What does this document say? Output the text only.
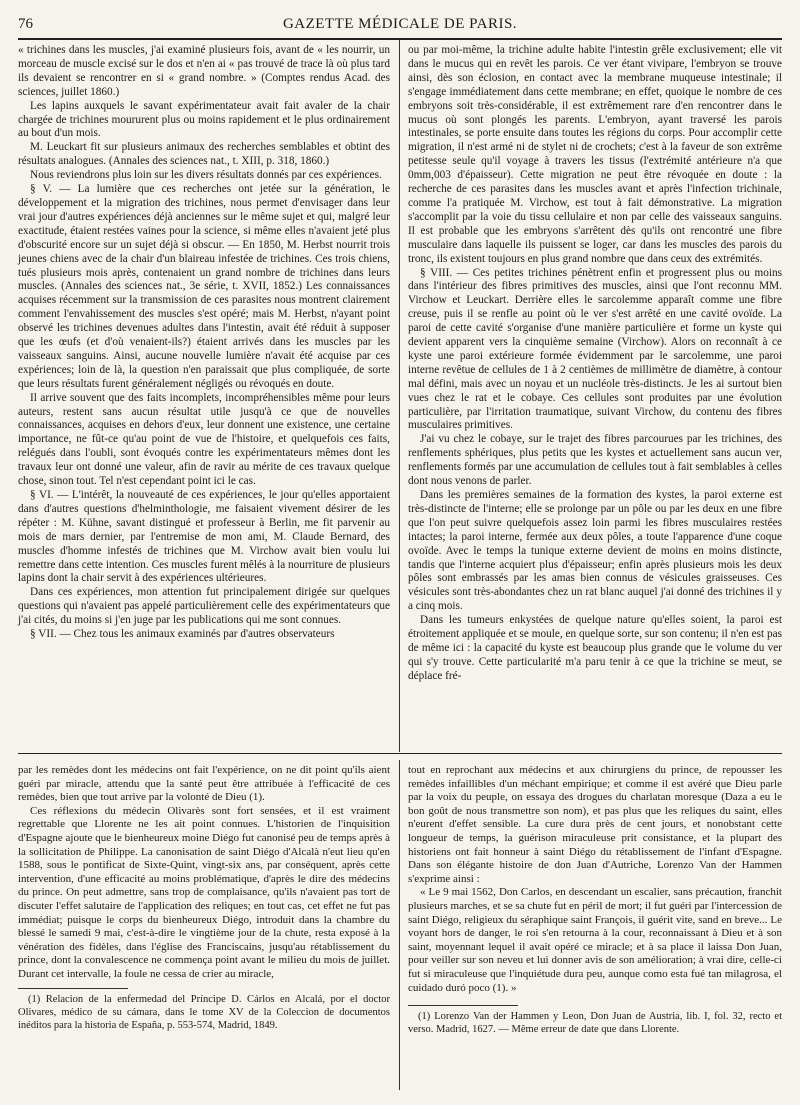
76	GAZETTE MÉDICALE DE PARIS.

« trichines dans les muscles, j'ai examiné plusieurs fois, avant de « les nourrir, un morceau de muscle excisé sur le dos et n'en ai « pas trouvé de trace là où plus tard ils devaient se rencontrer en si « grand nombre. » (Comptes rendus Acad. des sciences, juillet 1860.)

Les lapins auxquels le savant expérimentateur avait fait avaler de la chair chargée de trichines moururent plus ou moins rapidement et le plus ordinairement au bout d'un mois.

M. Leuckart fit sur plusieurs animaux des recherches semblables et obtint des résultats analogues. (Annales des sciences nat., t. XIII, p. 318, 1860.)

Nous reviendrons plus loin sur les divers résultats donnés par ces expériences.

§ V. — La lumière que ces recherches ont jetée sur la génération, le développement et la migration des trichines, nous permet d'envisager dans leur vrai jour d'autres expériences déjà anciennes sur le même sujet et qui, malgré leur exactitude, étaient restées vaines pour la science, si même elles n'avaient jeté plus d'obscurité encore sur un sujet déjà si obscur. — En 1850, M. Herbst nourrit trois jeunes chiens avec de la chair d'un blaireau infestée de trichines. Ces trois chiens, tués plusieurs mois après, contenaient un grand nombre de trichines dans leurs muscles. (Annales des sciences nat., 3e série, t. XVII, 1852.) Les connaissances acquises récemment sur la transmission de ces parasites nous montrent clairement comment l'envahissement des muscles s'est opéré; mais M. Herbst, n'ayant point observé les trichines devenues adultes dans l'intestin, avait été réduit à supposer que les œufs (et d'où venaient-ils?) étaient arrivés dans les muscles par les vaisseaux sanguins. Ainsi, aucune nouvelle lumière n'avait été acquise par ces expériences; loin de là, la question n'en paraissait que plus compliquée, de sorte que leurs résultats furent généralement négligés ou révoqués en doute.

Il arrive souvent que des faits incomplets, incompréhensibles même pour leurs auteurs, restent sans aucun résultat utile jusqu'à ce que de nouvelles connaissances, acquises en dehors d'eux, leur donnent une existence, une certaine importance, ne fût-ce qu'au point de vue de l'histoire, et quelquefois ces faits, relégués dans l'oubli, sont évoqués contre les expérimentateurs mêmes dont les travaux leur ont donné une valeur, afin de ravir au mérite de ces travaux quelque chose, sinon tout. Tel n'est cependant point ici le cas.

§ VI. — L'intérêt, la nouveauté de ces expériences, le jour qu'elles apportaient dans d'autres questions d'helminthologie, me faisaient vivement désirer de les répéter : M. Kühne, savant distingué et professeur à Berlin, me fit parvenir au mois de mars dernier, par l'entremise de mon ami, M. Claude Bernard, des muscles d'homme infestés de trichines que M. Virchow avait bien voulu lui remettre dans cette intention. Ces muscles furent mêlés à la nourriture de plusieurs lapins dont la chair servit à des expériences ultérieures.

Dans ces expériences, mon attention fut principalement dirigée sur quelques questions qui n'avaient pas appelé particulièrement celle des expérimentateurs que j'ai cités, du moins si j'en juge par les publications qui me sont connues.

§ VII. — Chez tous les animaux examinés par d'autres observateurs

ou par moi-même, la trichine adulte habite l'intestin grêle exclusivement; elle vit dans le mucus qui en revêt les parois. Ce ver étant vivipare, l'embryon se trouve ainsi, dès son éclosion, en contact avec la membrane muqueuse intestinale; il s'engage immédiatement dans cette membrane; en effet, quoique le nombre de ces embryons soit très-considérable, il est extrêmement rare d'en rencontrer dans le mucus où sont plongés les parents. L'embryon, ayant traversé les parois intestinales, se porte ensuite dans toutes les régions du corps. Pour accomplir cette migration, il n'est armé ni de stylet ni de crochets; c'est à la faveur de son extrême petitesse seule qu'il voyage à travers les tissus (l'extrémité antérieure n'a que 0mm,003 d'épaisseur). Cette migration ne peut être révoquée en doute : la recherche de ces parasites dans les muscles avant et après l'infection trichinale, comme l'a pratiquée M. Virchow, est tout à fait démonstrative. La migration s'accomplit par la voie du tissu cellulaire et non par celle des vaisseaux sanguins. Il est probable que les embryons s'arrêtent dès qu'ils ont rencontré une fibre musculaire dans laquelle ils puissent se loger, car dans les muscles des parois du tronc, ils existent toujours en plus grand nombre que dans ceux des extrémités.

§ VIII. — Ces petites trichines pénètrent enfin et progressent plus ou moins dans l'intérieur des fibres primitives des muscles, ainsi que l'ont reconnu MM. Virchow et Leuckart. Derrière elles le sarcolemme apparaît comme une fibre creuse, puis il se renfle au point où le ver s'est arrêté en une cavité ovoïde. La paroi de cette cavité s'organise d'une manière particulière et forme un kyste qui devient apparent vers la cinquième semaine (Virchow). Alors on reconnaît à ce kyste une paroi extérieure formée évidemment par le sarcolemme, une paroi interne revêtue de cellules de 1 à 2 centièmes de millimètre de diamètre, à contour mal défini, mais avec un noyau et un nucléole très-distincts. Je les ai surtout bien vues chez le rat et le cobaye. Ces cellules sont produites par une évolution particulière, par l'irritation traumatique, suivant Virchow, du contenu des fibres musculaires primitives.

J'ai vu chez le cobaye, sur le trajet des fibres parcourues par les trichines, des renflements sphériques, plus petits que les kystes et actuellement sans aucun ver, renflements formés par une accumulation de cellules tout à fait semblables à celles dont nous venons de parler.

Dans les premières semaines de la formation des kystes, la paroi externe est très-distincte de l'interne; elle se prolonge par un pôle ou par les deux en une fibre que l'on peut suivre quelquefois assez loin parmi les fibres musculaires restées intactes; la paroi interne, fermée aux deux pôles, a toute l'apparence d'une coque ovoïde. Avec le temps la tunique externe devient de moins en moins distincte, tandis que l'interne acquiert plus d'épaisseur; enfin après plusieurs mois les deux pôles sont embrassés par les amas bien connus de vésicules graisseuses. Ces vésicules sont très-abondantes chez un rat blanc auquel j'ai donné des trichines il y a cinq mois.

Dans les tumeurs enkystées de quelque nature qu'elles soient, la paroi est étroitement appliquée et se moule, en quelque sorte, sur son contenu; il n'en est pas de même ici : la capacité du kyste est beaucoup plus grande que le volume du ver qui s'y trouve. Cette particularité m'a paru tenir à ce que la trichine se meut, se déplace fré-

par les remèdes dont les médecins ont fait l'expérience, on ne dit point qu'ils aient guéri par miracle, attendu que la santé peut être attribuée à l'efficacité de ces remèdes, bien que tout arrive par la volonté de Dieu (1).

Ces réflexions du médecin Olivarès sont fort sensées, et il est vraiment regrettable que Llorente ne les ait point connues. L'historien de l'inquisition d'Espagne ajoute que le bienheureux moine Diégo fut canonisé peu de temps après à la sollicitation de Philippe. La canonisation de saint Diégo d'Alcalà n'eut lieu qu'en 1588, sous le pontificat de Sixte-Quint, vingt-six ans, par conséquent, après cette intervention, d'une efficacité au moins problématique, d'après le dire des médecins du prince. On peut admettre, sans trop de complaisance, qu'ils n'avaient pas tort de discuter l'effet salutaire de l'application des reliques; en tout cas, cet effet ne fut pas immédiat; puisque le corps du bienheureux Diégo, introduit dans la chambre du blessé le samedi 9 mai, c'est-à-dire le vingtième jour de la chute, resta exposé à la vénération des fidèles, dans l'église des Franciscains, jusqu'au rétablissement du prince, dont la convalescence ne commença point avant le milieu du mois de juillet. Durant cet intervalle, la foule ne cessa de crier au miracle,

(1) Relacion de la enfermedad del Príncipe D. Cárlos en Alcalá, por el doctor Olivares, médico de su cámara, dans le tome XV de la Coleccion de documentos inéditos para la historia de España, p. 553-574, Madrid, 1849.

tout en reprochant aux médecins et aux chirurgiens du prince, de repousser les remèdes infaillibles d'un méchant empirique; et comme il est avéré que Dieu parle par la voix du peuple, on essaya des drogues du charlatan moresque (Daza a eu le bon goût de nous transmettre son nom), et pas plus que les reliques du saint, elles n'eurent d'effet sensible. La cure dura près de cent jours, et nonobstant cette longueur de temps, la guérison miraculeuse prit consistance, et la plupart des historiens ont fait honneur à saint Diégo du rétablissement de l'infant d'Espagne. Dans son élégante histoire de don Juan d'Autriche, Lorenzo Van der Hammen s'exprime ainsi :

« Le 9 mai 1562, Don Carlos, en descendant un escalier, sans précaution, franchit plusieurs marches, et se sa chute fut en péril de mort; il fut guéri par l'intercession de saint Diégo, religieux du séraphique saint François, il guérit vite, sand en breve... Le voyant hors de danger, le roi s'en retourna à la cour, reconnaissant à Dieu et à son saint, moyennant lequel il avait opéré ce miracle; et à sa place il laissa Don Juan, pour veiller sur son neveu et lui donner avis de son amélioration; à vrai dire, celle-ci fut si miraculeuse que l'inquiétude dura peu, aunque como esta fué tan milagrosa, el cuidado duró poco (1). »

(1) Lorenzo Van der Hammen y Leon, Don Juan de Austria, lib. I, fol. 32, recto et verso. Madrid, 1627. — Même erreur de date que dans Llorente.
